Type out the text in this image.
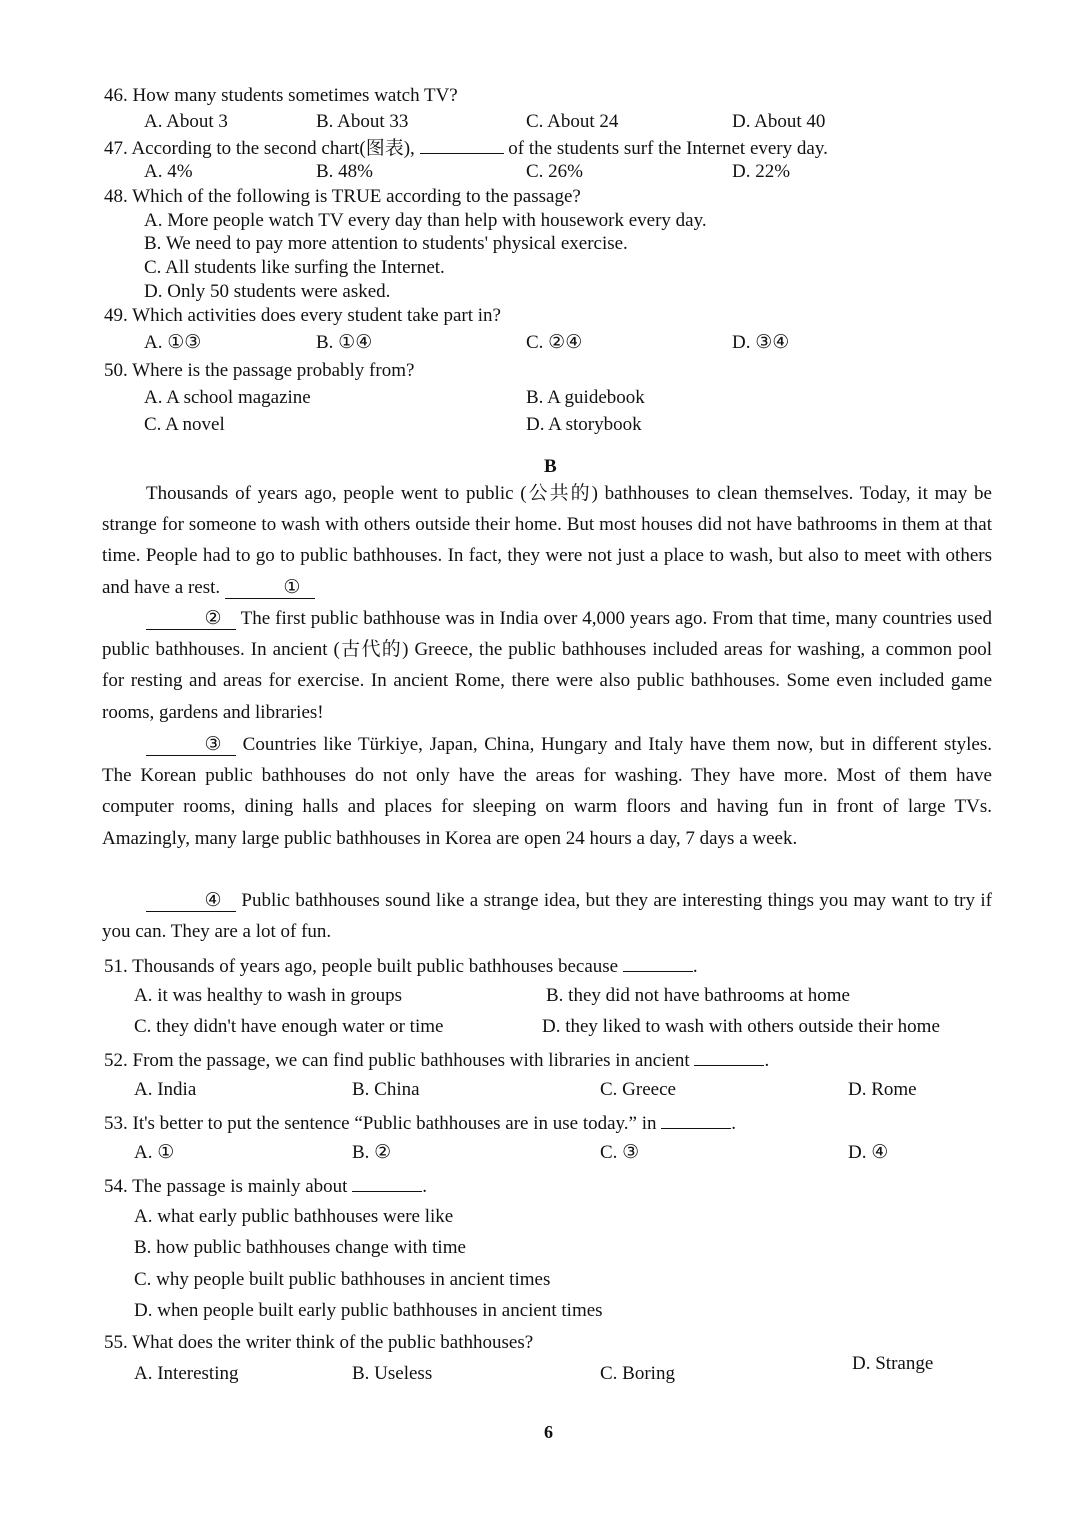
46. How many students sometimes watch TV?
A. About 3	B. About 33	C. About 24	D. About 40
47. According to the second chart(图表),	of the students surf the Internet every day.
A. 4%	B. 48%	C. 26%	D. 22%
48. Which of the following is TRUE according to the passage?
A. More people watch TV every day than help with housework every day.
B. We need to pay more attention to students' physical exercise.
C. All students like surfing the Internet.
D. Only 50 students were asked.
49. Which activities does every student take part in?
A. ①③	B. ①④	C. ②④	D. ③④
50. Where is the passage probably from?
A. A school magazine	B. A guidebook
C. A novel	D. A storybook
B
Thousands of years ago, people went to public (公共的) bathhouses to clean themselves. Today, it may be strange for someone to wash with others outside their home. But most houses did not have bathrooms in them at that time. People had to go to public bathhouses. In fact, they were not just a place to wash, but also to meet with others and have a rest.	①
② The first public bathhouse was in India over 4,000 years ago. From that time, many countries used public bathhouses. In ancient (古代的) Greece, the public bathhouses included areas for washing, a common pool for resting and areas for exercise. In ancient Rome, there were also public bathhouses. Some even included game rooms, gardens and libraries!
③ Countries like Türkiye, Japan, China, Hungary and Italy have them now, but in different styles. The Korean public bathhouses do not only have the areas for washing. They have more. Most of them have computer rooms, dining halls and places for sleeping on warm floors and having fun in front of large TVs. Amazingly, many large public bathhouses in Korea are open 24 hours a day, 7 days a week.
④ Public bathhouses sound like a strange idea, but they are interesting things you may want to try if you can. They are a lot of fun.
51. Thousands of years ago, people built public bathhouses because	.
A. it was healthy to wash in groups	B. they did not have bathrooms at home
C. they didn't have enough water or time	D. they liked to wash with others outside their home
52. From the passage, we can find public bathhouses with libraries in ancient	.
A. India	B. China	C. Greece	D. Rome
53. It's better to put the sentence “Public bathhouses are in use today.” in	.
A. ①	B. ②	C. ③	D. ④
54. The passage is mainly about	.
A. what early public bathhouses were like
B. how public bathhouses change with time
C. why people built public bathhouses in ancient times
D. when people built early public bathhouses in ancient times
55. What does the writer think of the public bathhouses?
A. Interesting	B. Useless	C. Boring	D. Strange
6
